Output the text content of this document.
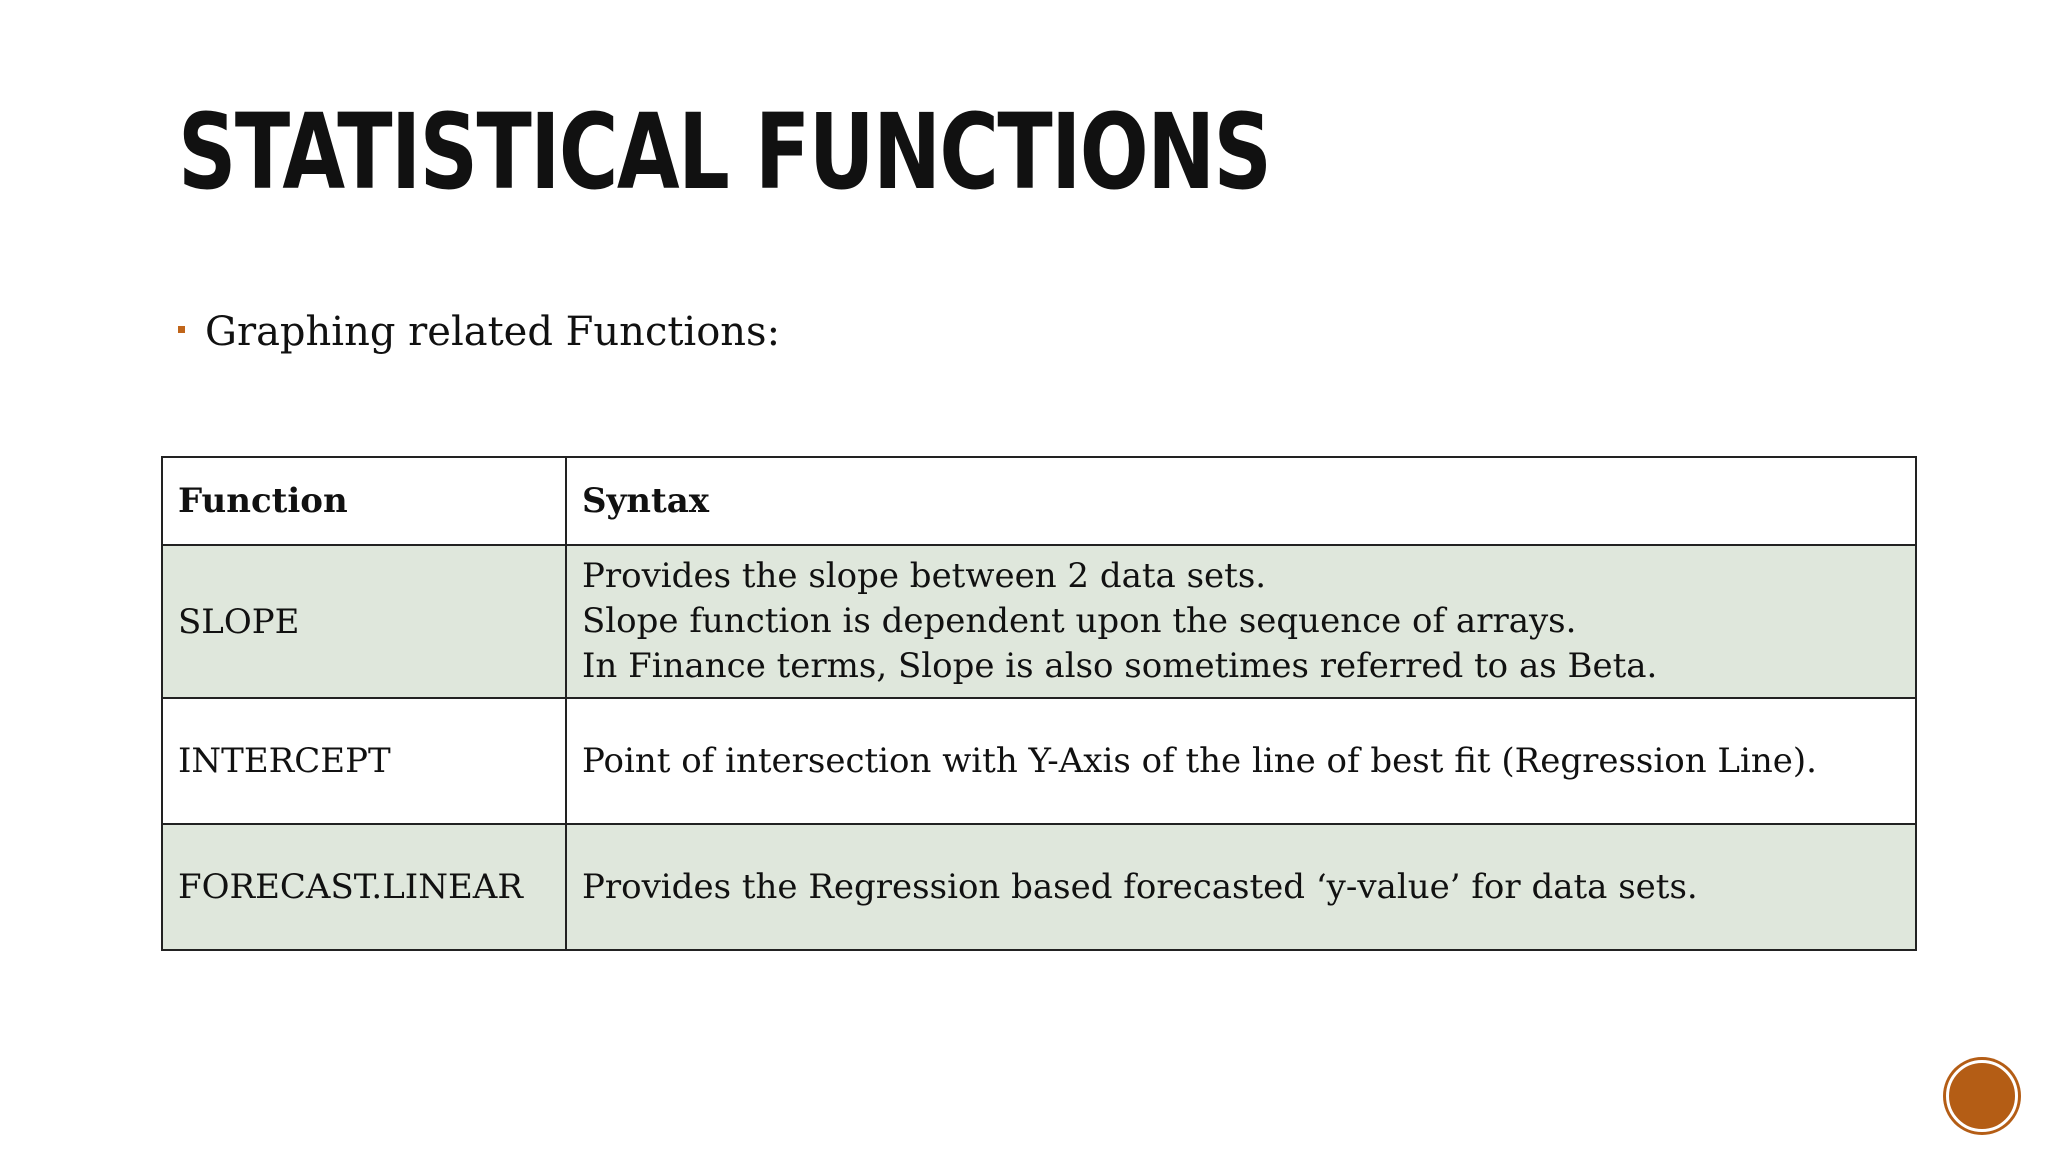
STATISTICAL FUNCTIONS
Graphing related Functions:
Function	Syntax
SLOPE	Provides the slope between 2 data sets.
Slope function is dependent upon the sequence of arrays.
In Finance terms, Slope is also sometimes referred to as Beta.

INTERCEPT	Point of intersection with Y-Axis of the line of best fit (Regression Line).

FORECAST.LINEAR	Provides the Regression based forecasted ‘y-value’ for data sets.
